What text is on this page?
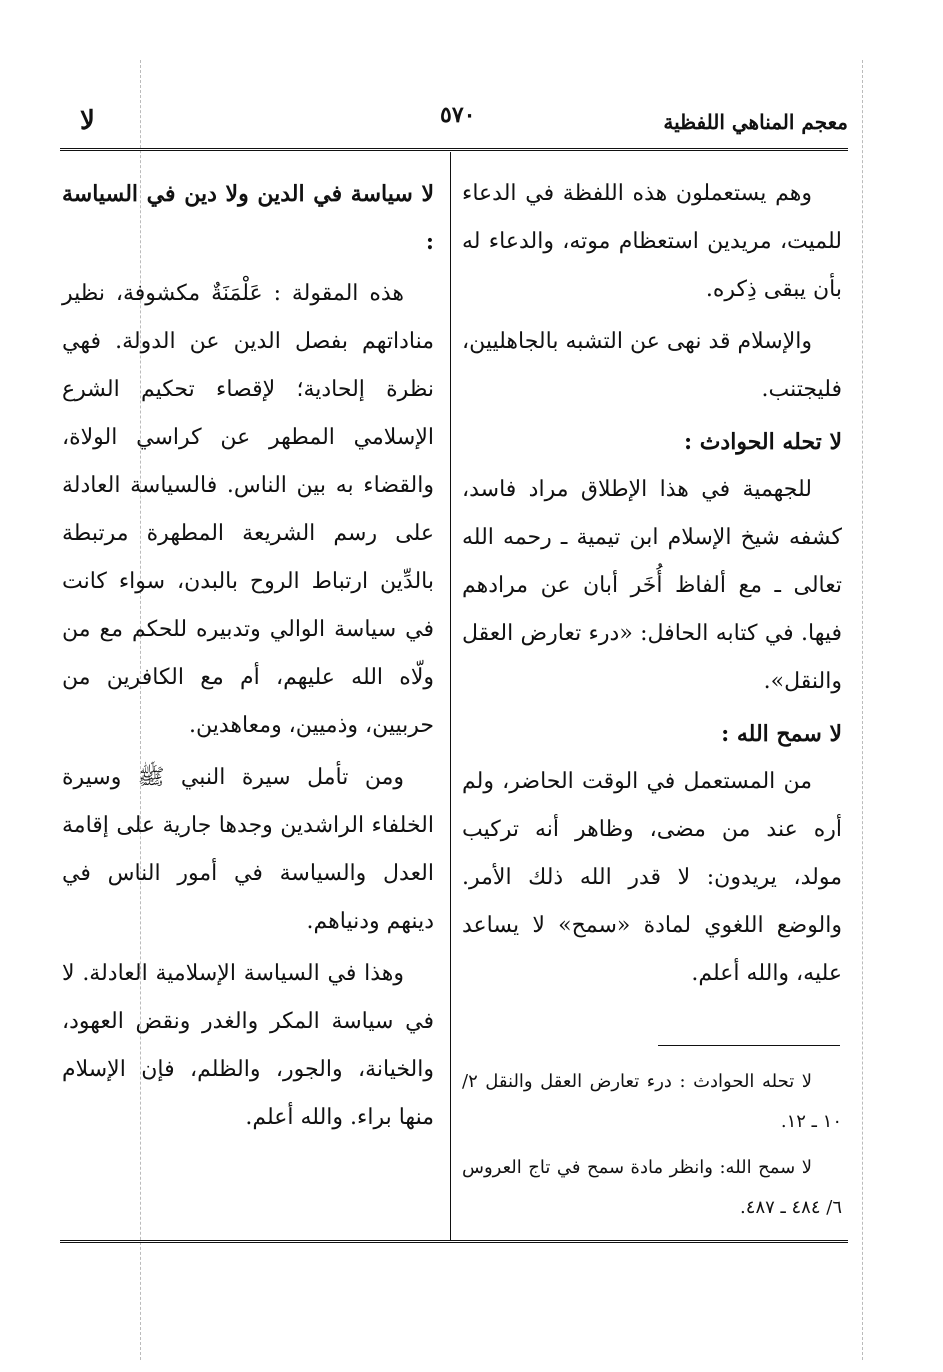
معجم المناهي اللفظية
٥٧٠
لا

وهم يستعملون هذه اللفظة في الدعاء للميت، مريدين استعظام موته، والدعاء له بأن يبقى ذِكره.

والإسلام قد نهى عن التشبه بالجاهليين، فليجتنب.

لا تحله الحوادث :

للجهمية في هذا الإطلاق مراد فاسد، كشفه شيخ الإسلام ابن تيمية ـ رحمه الله تعالى ـ مع ألفاظ أُخَر أبان عن مرادهم فيها. في كتابه الحافل: «درء تعارض العقل والنقل».

لا سمح الله :

من المستعمل في الوقت الحاضر، ولم أره عند من مضى، وظاهر أنه تركيب مولد، يريدون: لا قدر الله ذلك الأمر. والوضع اللغوي لمادة «سمح» لا يساعد عليه، والله أعلم.

لا سياسة في الدين ولا دين في السياسة :

هذه المقولة : عَلْمَنَةٌ مكشوفة، نظير مناداتهم بفصل الدين عن الدولة. فهي نظرة إلحادية؛ لإقصاء تحكيم الشرع الإسلامي المطهر عن كراسي الولاة، والقضاء به بين الناس. فالسياسة العادلة على رسم الشريعة المطهرة مرتبطة بالدِّين ارتباط الروح بالبدن، سواء كانت في سياسة الوالي وتدبيره للحكم مع من ولّاه الله عليهم، أم مع الكافرين من حربيين، وذميين، ومعاهدين.

ومن تأمل سيرة النبي ﷺ وسيرة الخلفاء الراشدين وجدها جارية على إقامة العدل والسياسة في أمور الناس في دينهم ودنياهم.

وهذا في السياسة الإسلامية العادلة. لا في سياسة المكر والغدر ونقض العهود، والخيانة، والجور، والظلم، فإن الإسلام منها براء. والله أعلم.

لا تحله الحوادث : درء تعارض العقل والنقل ٢/ ١٠ ـ ١٢.

لا سمح الله: وانظر مادة سمح في تاج العروس ٦/ ٤٨٤ ـ ٤٨٧.
